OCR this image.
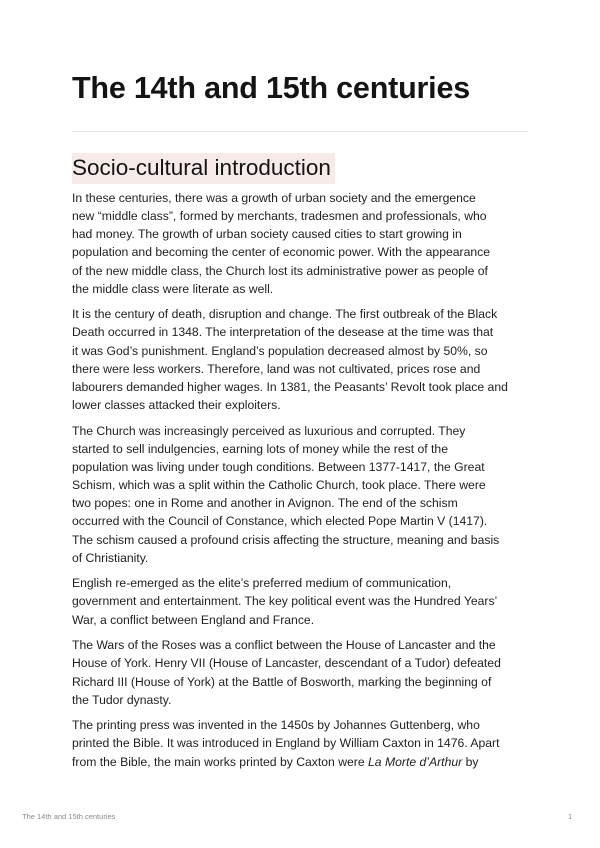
The 14th and 15th centuries
Socio-cultural introduction

In these centuries, there was a growth of urban society and the emergence
new “middle class”, formed by merchants, tradesmen and professionals, who
had money. The growth of urban society caused cities to start growing in
population and becoming the center of economic power. With the appearance
of the new middle class, the Church lost its administrative power as people of
the middle class were literate as well.

It is the century of death, disruption and change. The first outbreak of the Black
Death occurred in 1348. The interpretation of the desease at the time was that
it was God’s punishment. England’s population decreased almost by 50%, so
there were less workers. Therefore, land was not cultivated, prices rose and
labourers demanded higher wages. In 1381, the Peasants’ Revolt took place and
lower classes attacked their exploiters.

The Church was increasingly perceived as luxurious and corrupted. They
started to sell indulgencies, earning lots of money while the rest of the
population was living under tough conditions. Between 1377-1417, the Great
Schism, which was a split within the Catholic Church, took place. There were
two popes: one in Rome and another in Avignon. The end of the schism
occurred with the Council of Constance, which elected Pope Martin V (1417).
The schism caused a profound crisis affecting the structure, meaning and basis
of Christianity.

English re-emerged as the elite’s preferred medium of communication,
government and entertainment. The key political event was the Hundred Years’
War, a conflict between England and France.

The Wars of the Roses was a conflict between the House of Lancaster and the
House of York. Henry VII (House of Lancaster, descendant of a Tudor) defeated
Richard III (House of York) at the Battle of Bosworth, marking the beginning of
the Tudor dynasty.

The printing press was invented in the 1450s by Johannes Guttenberg, who
printed the Bible. It was introduced in England by William Caxton in 1476. Apart
from the Bible, the main works printed by Caxton were La Morte d’Arthur by

The 14th and 15th centuries	1
